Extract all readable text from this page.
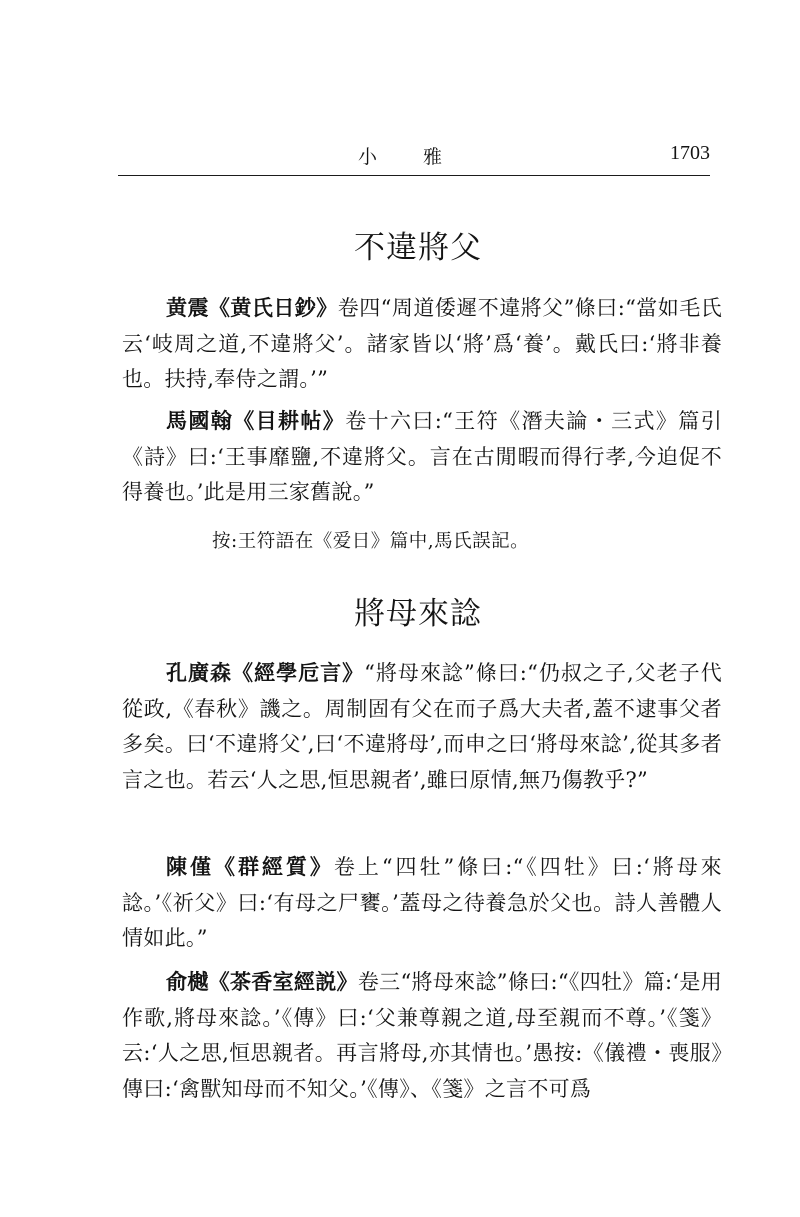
小雅	1703
不違將父
黄震《黄氏日鈔》卷四“周道倭遲不違將父”條曰:“當如毛氏云‘岐周之道,不違將父’。諸家皆以‘將’爲‘養’。戴氏曰:‘將非養也。扶持,奉侍之謂。’”
馬國翰《目耕帖》卷十六曰:“王符《潛夫論・三式》篇引《詩》曰:‘王事靡鹽,不違將父。言在古閒暇而得行孝,今迫促不得養也。’此是用三家舊說。”
按:王符語在《爱日》篇中,馬氏誤記。
將母來諗
孔廣森《經學卮言》“將母來諗”條曰:“仍叔之子,父老子代從政,《春秋》譏之。周制固有父在而子爲大夫者,蓋不逮事父者多矣。曰‘不違將父’,曰‘不違將母’,而申之曰‘將母來諗’,從其多者言之也。若云‘人之思,恒思親者’,雖曰原情,無乃傷教乎?”
陳僅《群經質》卷上“四牡”條曰:“《四牡》曰:‘將母來諗。’《祈父》曰:‘有母之尸饔。’蓋母之待養急於父也。詩人善體人情如此。”
俞樾《茶香室經説》卷三“將母來諗”條曰:“《四牡》篇:‘是用作歌,將母來諗。’《傳》曰:‘父兼尊親之道,母至親而不尊。’《箋》云:‘人之思,恒思親者。再言將母,亦其情也。’愚按:《儀禮・喪服》傳曰:‘禽獸知母而不知父。’《傳》、《箋》之言不可爲
